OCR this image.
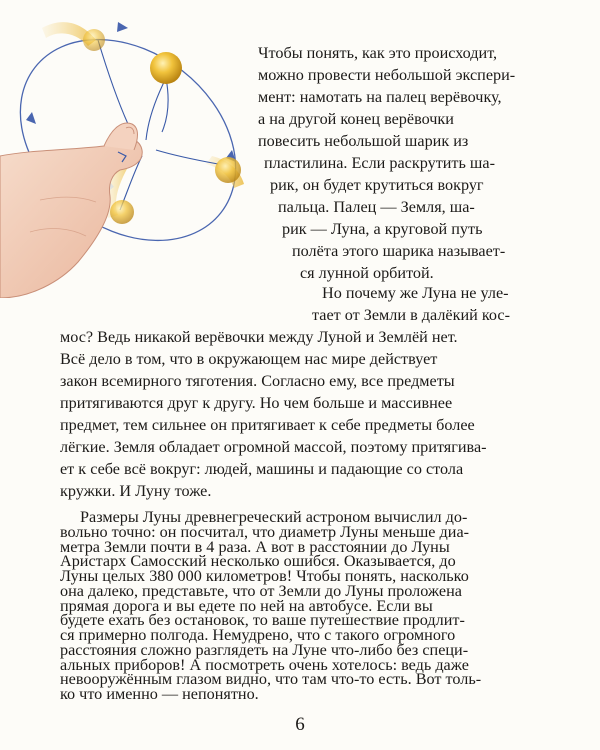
Чтобы понять, как это происходит,
можно провести небольшой экспери-
мент: намотать на палец верёвочку,
а на другой конец верёвочки
повесить небольшой шарик из
пластилина. Если раскрутить ша-
рик, он будет крутиться вокруг
пальца. Палец — Земля, ша-
рик — Луна, а круговой путь
полёта этого шарика называет-
ся лунной орбитой.
Но почему же Луна не уле-
тает от Земли в далёкий кос-
мос? Ведь никакой верёвочки между Луной и Землёй нет.
Всё дело в том, что в окружающем нас мире действует
закон всемирного тяготения. Согласно ему, все предметы
притягиваются друг к другу. Но чем больше и массивнее
предмет, тем сильнее он притягивает к себе предметы более
лёгкие. Земля обладает огромной массой, поэтому притягива-
ет к себе всё вокруг: людей, машины и падающие со стола
кружки. И Луну тоже.
Размеры Луны древнегреческий астроном вычислил до-
вольно точно: он посчитал, что диаметр Луны меньше диа-
метра Земли почти в 4 раза. А вот в расстоянии до Луны
Аристарх Самосский несколько ошибся. Оказывается, до
Луны целых 380 000 километров! Чтобы понять, насколько
она далеко, представьте, что от Земли до Луны проложена
прямая дорога и вы едете по ней на автобусе. Если вы
будете ехать без остановок, то ваше путешествие продлит-
ся примерно полгода. Немудрено, что с такого огромного
расстояния сложно разглядеть на Луне что-либо без специ-
альных приборов! А посмотреть очень хотелось: ведь даже
невооружённым глазом видно, что там что-то есть. Вот толь-
ко что именно — непонятно.
6
